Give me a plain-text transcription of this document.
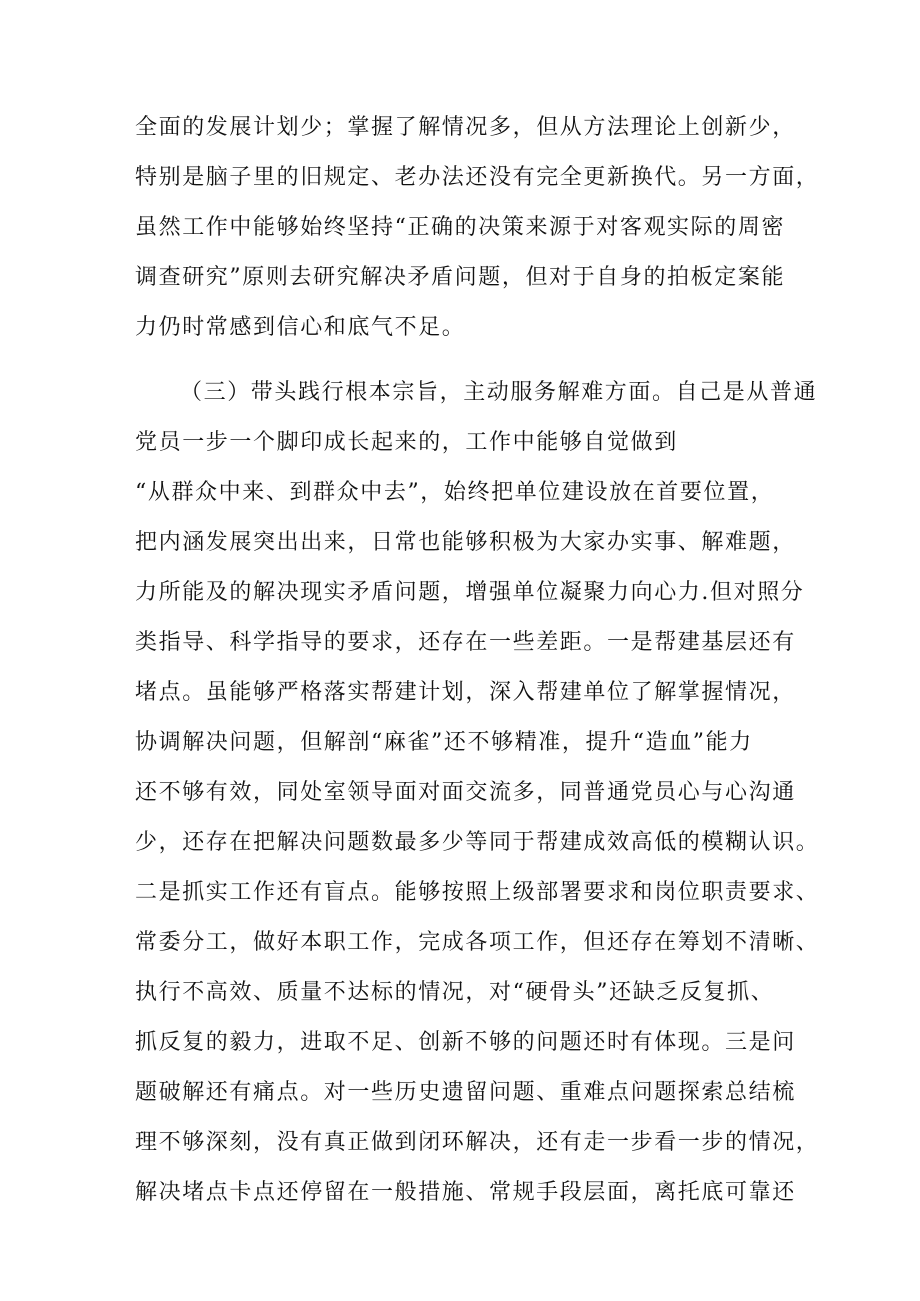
全面的发展计划少；掌握了解情况多，但从方法理论上创新少，
特别是脑子里的旧规定、老办法还没有完全更新换代。另一方面，
虽然工作中能够始终坚持“正确的决策来源于对客观实际的周密
调查研究”原则去研究解决矛盾问题，但对于自身的拍板定案能
力仍时常感到信心和底气不足。
（三）带头践行根本宗旨，主动服务解难方面。自己是从普通
党员一步一个脚印成长起来的，工作中能够自觉做到
“从群众中来、到群众中去”，始终把单位建设放在首要位置，
把内涵发展突出出来，日常也能够积极为大家办实事、解难题，
力所能及的解决现实矛盾问题，增强单位凝聚力向心力.但对照分
类指导、科学指导的要求，还存在一些差距。一是帮建基层还有
堵点。虽能够严格落实帮建计划，深入帮建单位了解掌握情况，
协调解决问题，但解剖“麻雀”还不够精准，提升“造血”能力
还不够有效，同处室领导面对面交流多，同普通党员心与心沟通
少，还存在把解决问题数最多少等同于帮建成效高低的模糊认识。
二是抓实工作还有盲点。能够按照上级部署要求和岗位职责要求、
常委分工，做好本职工作，完成各项工作，但还存在筹划不清晰、
执行不高效、质量不达标的情况，对“硬骨头”还缺乏反复抓、
抓反复的毅力，进取不足、创新不够的问题还时有体现。三是问
题破解还有痛点。对一些历史遗留问题、重难点问题探索总结梳
理不够深刻，没有真正做到闭环解决，还有走一步看一步的情况，
解决堵点卡点还停留在一般措施、常规手段层面，离托底可靠还
